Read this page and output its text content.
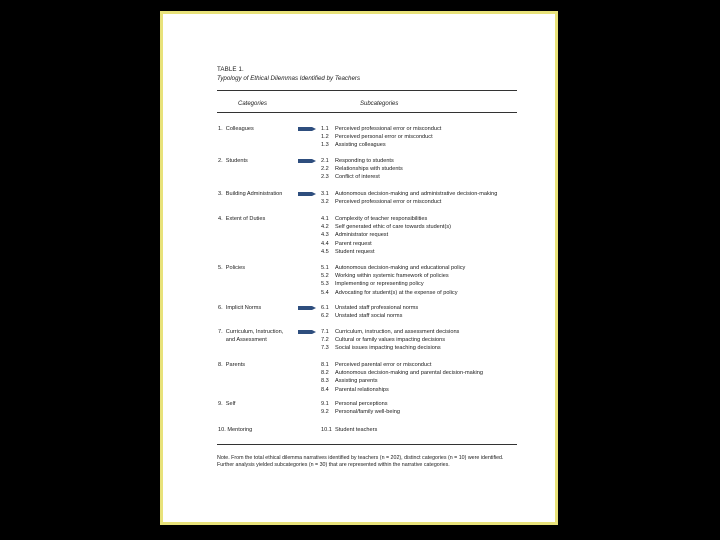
TABLE 1.
Typology of Ethical Dilemmas Identified by Teachers
Categories	Subcategories
1.  Colleagues	1.1 Perceived professional error or misconduct
1.2 Perceived personal error or misconduct
1.3 Assisting colleagues
2.  Students	2.1 Responding to students
2.2 Relationships with students
2.3 Conflict of interest
3.  Building Administration	3.1 Autonomous decision-making and administrative decision-making
3.2 Perceived professional error or misconduct
4.  Extent of Duties	4.1 Complexity of teacher responsibilities
4.2 Self generated ethic of care towards student(s)
4.3 Administrator request
4.4 Parent request
4.5 Student request
5.  Policies	5.1 Autonomous decision-making and educational policy
5.2 Working within systemic framework of policies
5.3 Implementing or representing policy
5.4 Advocating for student(s) at the expense of policy
6.  Implicit Norms	6.1 Unstated staff professional norms
6.2 Unstated staff social norms
7.  Curriculum, Instruction,
and Assessment
7.1 Curriculum, instruction, and assessment decisions
7.2 Cultural or family values impacting decisions
7.3 Social issues impacting teaching decisions
8.  Parents	8.1 Perceived parental error or misconduct
8.2 Autonomous decision-making and parental decision-making
8.3 Assisting parents
8.4 Parental relationships
9.  Self	9.1 Personal perceptions
9.2 Personal/family well-being
10. Mentoring	10.1 Student teachers
Note. From the total ethical dilemma narratives identified by teachers (n = 202), distinct categories (n = 10) were identified. Further analysis yielded subcategories (n = 30) that are represented within the narrative categories.
